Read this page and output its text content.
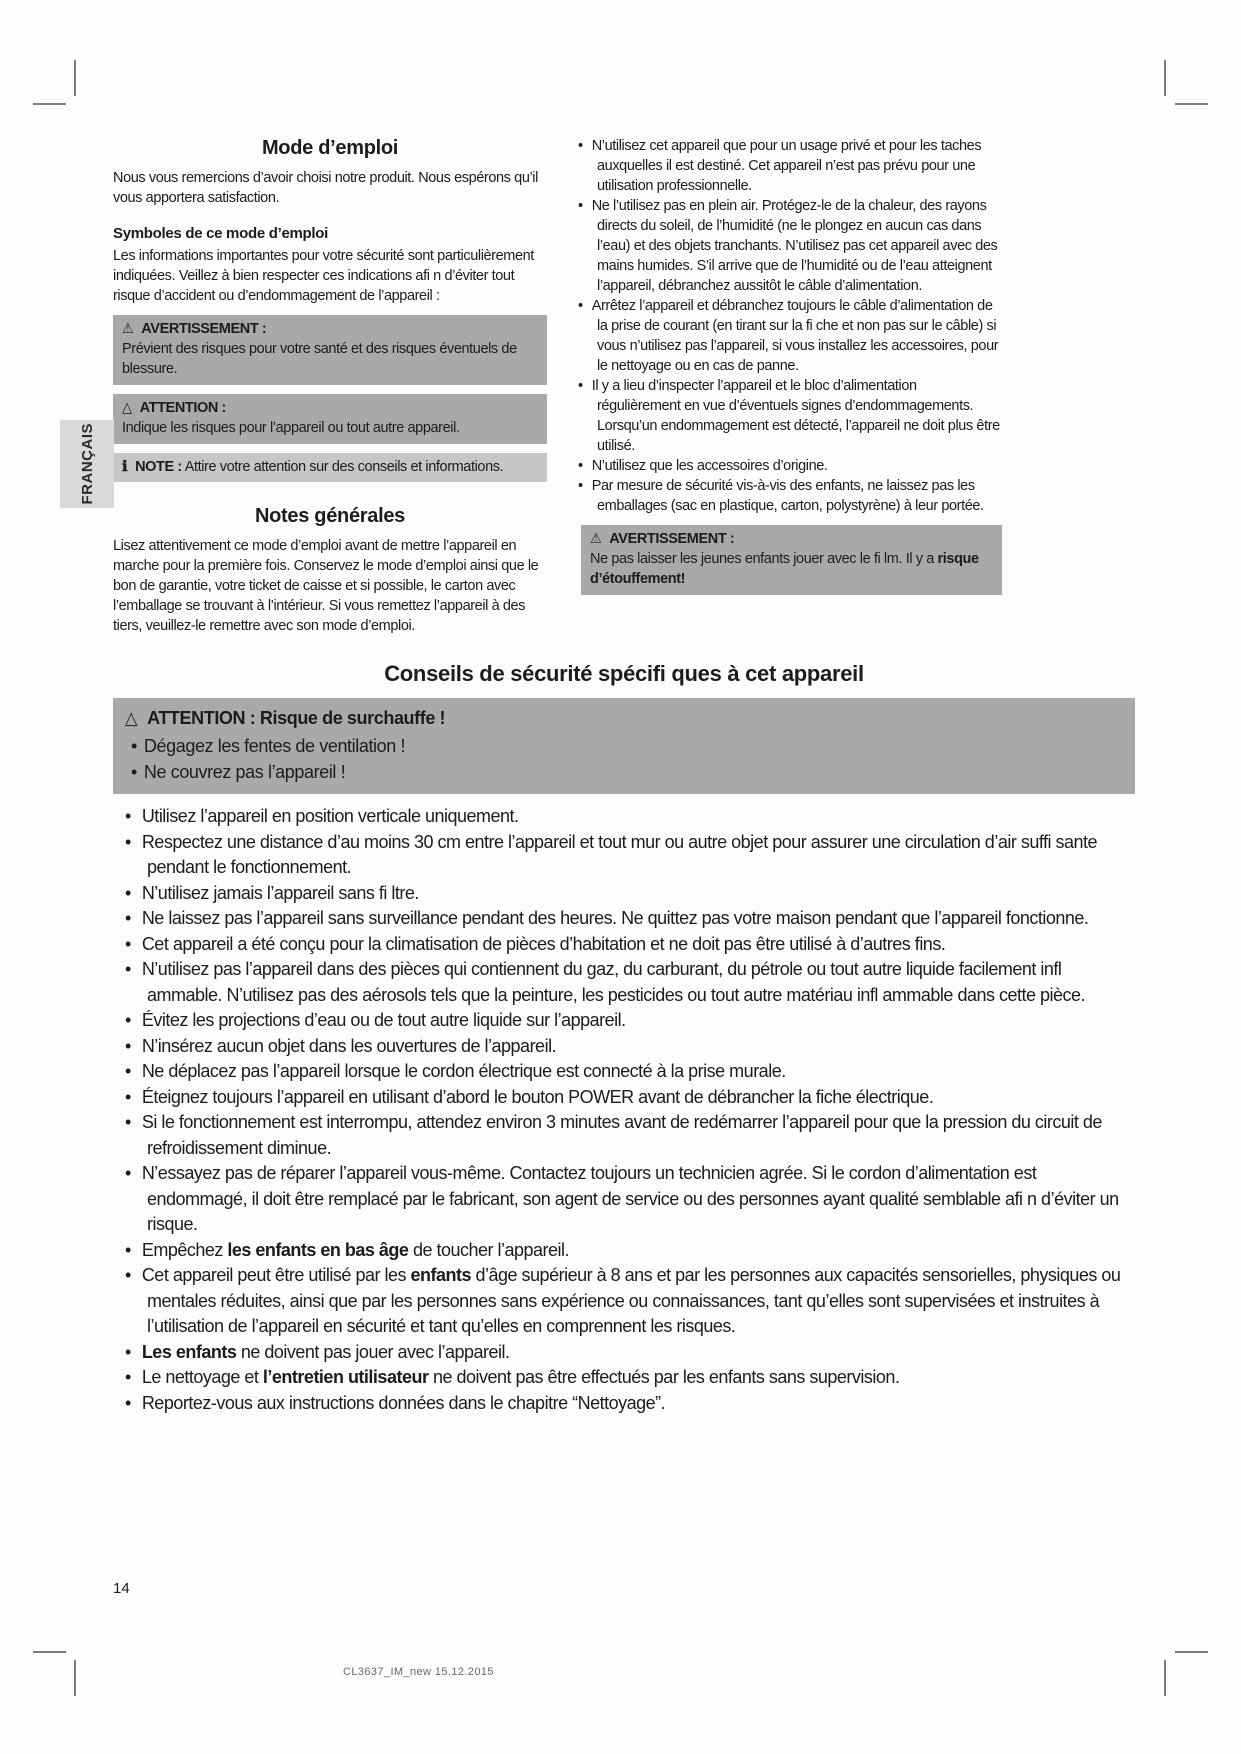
FRANÇAIS
Mode d’emploi

Nous vous remercions d’avoir choisi notre produit. Nous espérons qu’il vous apportera satisfaction.

Symboles de ce mode d’emploi

Les informations importantes pour votre sécurité sont particulièrement indiquées. Veillez à bien respecter ces indications afi n d’éviter tout risque d’accident ou d’endommagement de l’appareil :

⚠ AVERTISSEMENT :
Prévient des risques pour votre santé et des risques éventuels de blessure.
△ ATTENTION :
Indique les risques pour l’appareil ou tout autre appareil.
ℹ NOTE : Attire votre attention sur des conseils et informations.
Notes générales

Lisez attentivement ce mode d’emploi avant de mettre l’appareil en marche pour la première fois. Conservez le mode d’emploi ainsi que le bon de garantie, votre ticket de caisse et si possible, le carton avec l’emballage se trouvant à l’intérieur. Si vous remettez l’appareil à des tiers, veuillez-le remettre avec son mode d’emploi.

• N’utilisez cet appareil que pour un usage privé et pour les taches auxquelles il est destiné. Cet appareil n’est pas prévu pour une utilisation professionnelle.
• Ne l’utilisez pas en plein air. Protégez-le de la chaleur, des rayons directs du soleil, de l’humidité (ne le plongez en aucun cas dans l’eau) et des objets tranchants. N’utilisez pas cet appareil avec des mains humides. S’il arrive que de l’humidité ou de l’eau atteignent l’appareil, débranchez aussitôt le câble d’alimentation.
• Arrêtez l’appareil et débranchez toujours le câble d’alimentation de la prise de courant (en tirant sur la fi che et non pas sur le câble) si vous n’utilisez pas l’appareil, si vous installez les accessoires, pour le nettoyage ou en cas de panne.
• Il y a lieu d’inspecter l’appareil et le bloc d’alimentation régulièrement en vue d’éventuels signes d’endommagements. Lorsqu’un endommagement est détecté, l’appareil ne doit plus être utilisé.
• N’utilisez que les accessoires d’origine.
• Par mesure de sécurité vis-à-vis des enfants, ne laissez pas les emballages (sac en plastique, carton, polystyrène) à leur portée.
⚠ AVERTISSEMENT :
Ne pas laisser les jeunes enfants jouer avec le fi lm. Il y a risque d’étouffement!
Conseils de sécurité spécifi ques à cet appareil
△ ATTENTION : Risque de surchauffe !
• Dégagez les fentes de ventilation !
• Ne couvrez pas l’appareil !
• Utilisez l’appareil en position verticale uniquement.
• Respectez une distance d’au moins 30 cm entre l’appareil et tout mur ou autre objet pour assurer une circulation d’air suffi sante pendant le fonctionnement.
• N’utilisez jamais l’appareil sans fi ltre.
• Ne laissez pas l’appareil sans surveillance pendant des heures. Ne quittez pas votre maison pendant que l’appareil fonctionne.
• Cet appareil a été conçu pour la climatisation de pièces d’habitation et ne doit pas être utilisé à d’autres fins.
• N’utilisez pas l’appareil dans des pièces qui contiennent du gaz, du carburant, du pétrole ou tout autre liquide facilement infl ammable. N’utilisez pas des aérosols tels que la peinture, les pesticides ou tout autre matériau infl ammable dans cette pièce.
• Évitez les projections d’eau ou de tout autre liquide sur l’appareil.
• N’insérez aucun objet dans les ouvertures de l’appareil.
• Ne déplacez pas l’appareil lorsque le cordon électrique est connecté à la prise murale.
• Éteignez toujours l’appareil en utilisant d’abord le bouton POWER avant de débrancher la fiche électrique.
• Si le fonctionnement est interrompu, attendez environ 3 minutes avant de redémarrer l’appareil pour que la pression du circuit de refroidissement diminue.
• N’essayez pas de réparer l’appareil vous-même. Contactez toujours un technicien agrée. Si le cordon d’alimentation est endommagé, il doit être remplacé par le fabricant, son agent de service ou des personnes ayant qualité semblable afi n d’éviter un risque.
• Empêchez les enfants en bas âge de toucher l’appareil.
• Cet appareil peut être utilisé par les enfants d’âge supérieur à 8 ans et par les personnes aux capacités sensorielles, physiques ou mentales réduites, ainsi que par les personnes sans expérience ou connaissances, tant qu’elles sont supervisées et instruites à l’utilisation de l’appareil en sécurité et tant qu’elles en comprennent les risques.
• Les enfants ne doivent pas jouer avec l’appareil.
• Le nettoyage et l’entretien utilisateur ne doivent pas être effectués par les enfants sans supervision.
• Reportez-vous aux instructions données dans le chapitre “Nettoyage”.
14
CL3637_IM_new 15.12.2015
